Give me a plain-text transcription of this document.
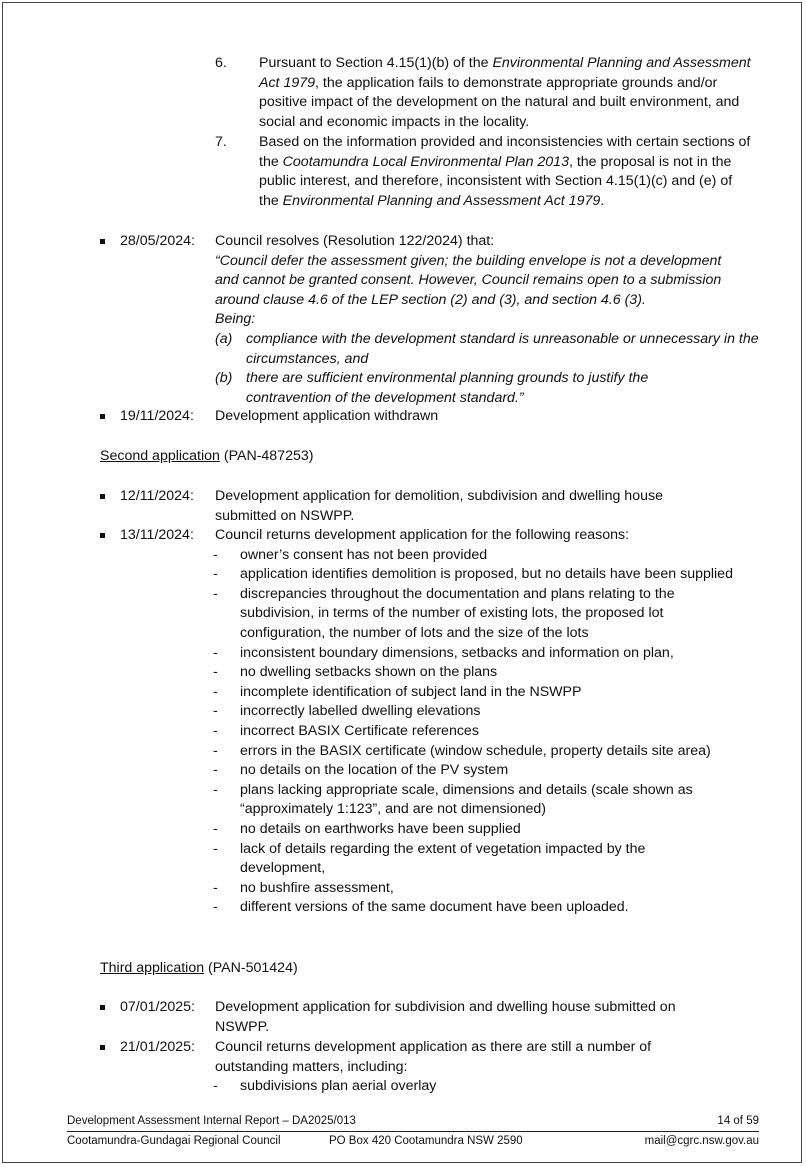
6.	Pursuant to Section 4.15(1)(b) of the Environmental Planning and Assessment Act 1979, the application fails to demonstrate appropriate grounds and/or positive impact of the development on the natural and built environment, and social and economic impacts in the locality.
7.	Based on the information provided and inconsistencies with certain sections of the Cootamundra Local Environmental Plan 2013, the proposal is not in the public interest, and therefore, inconsistent with Section 4.15(1)(c) and (e) of the Environmental Planning and Assessment Act 1979.
28/05/2024: Council resolves (Resolution 122/2024) that:
“Council defer the assessment given; the building envelope is not a development and cannot be granted consent. However, Council remains open to a submission around clause 4.6 of the LEP section (2) and (3), and section 4.6 (3).
Being:
(a) compliance with the development standard is unreasonable or unnecessary in the circumstances, and
(b) there are sufficient environmental planning grounds to justify the contravention of the development standard.”
19/11/2024: Development application withdrawn
Second application (PAN-487253)
12/11/2024: Development application for demolition, subdivision and dwelling house submitted on NSWPP.
13/11/2024: Council returns development application for the following reasons:
- owner’s consent has not been provided
- application identifies demolition is proposed, but no details have been supplied
- discrepancies throughout the documentation and plans relating to the subdivision, in terms of the number of existing lots, the proposed lot configuration, the number of lots and the size of the lots
- inconsistent boundary dimensions, setbacks and information on plan,
- no dwelling setbacks shown on the plans
- incomplete identification of subject land in the NSWPP
- incorrectly labelled dwelling elevations
- incorrect BASIX Certificate references
- errors in the BASIX certificate (window schedule, property details site area)
- no details on the location of the PV system
- plans lacking appropriate scale, dimensions and details (scale shown as “approximately 1:123”, and are not dimensioned)
- no details on earthworks have been supplied
- lack of details regarding the extent of vegetation impacted by the development,
- no bushfire assessment,
- different versions of the same document have been uploaded.
Third application (PAN-501424)
07/01/2025: Development application for subdivision and dwelling house submitted on NSWPP.
21/01/2025: Council returns development application as there are still a number of outstanding matters, including:
- subdivisions plan aerial overlay
Development Assessment Internal Report – DA2025/013	14 of 59
Cootamundra-Gundagai Regional Council	PO Box 420 Cootamundra NSW 2590	mail@cgrc.nsw.gov.au
